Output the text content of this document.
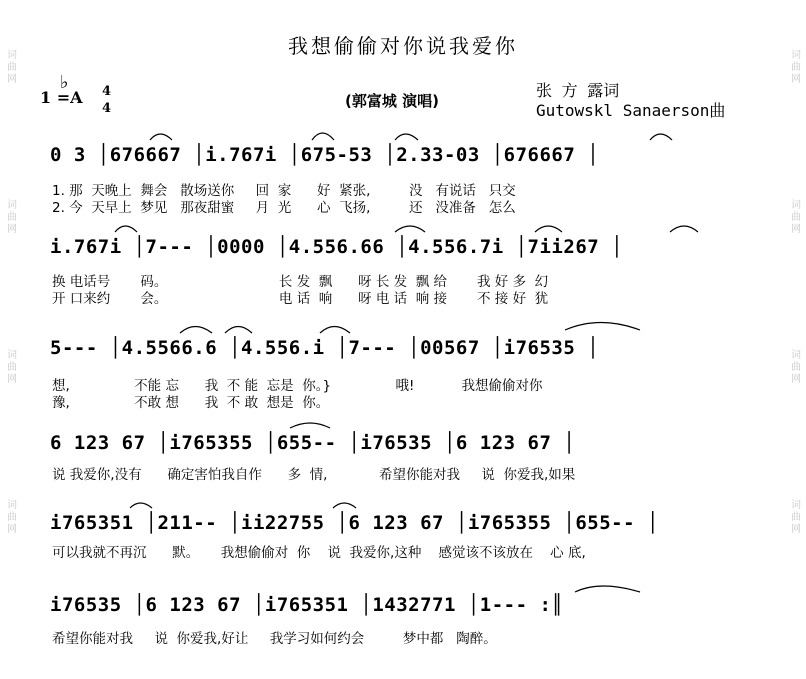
词曲网
词曲网
词曲网
词曲网
词曲网
词曲网
词曲网
词曲网
我想偷偷对你说我爱你
♭
1 =A 4
4	(郭富城 演唱)
张 方 露词
Gutowskl Sanaerson曲
0 3 │676667 │i.767i │675-53 │2.33-03 │676667 │
1. 那  天晚上  舞会   散场送你     回  家      好  紧张,         没   有说话   只交
2. 今  天早上  梦见   那夜甜蜜     月  光      心  飞扬,         还   没准备   怎么
i.767i │7--- │0000 │4.556.66 │4.556.7i │7ii267 │
换 电话号       码。                          长 发  飘      呀 长 发  飘 给       我 好 多  幻
开 口来约       会。                          电 话  响      呀 电 话  响 接       不 接 好  犹
5--- │4.5566.6 │4.556.i │7--- │00567 │i76535 │
想,               不能 忘      我  不 能  忘是  你。}               哦!           我想偷偷对你
豫,               不敢 想      我  不 敢  想是  你。
6 123 67 │i765355 │655-- │i76535 │6 123 67 │
说 我爱你,没有      确定害怕我自作      多  情,            希望你能对我     说  你爱我,如果
i765351 │211-- │ii22755 │6 123 67 │i765355 │655-- │
可以我就不再沉      默。     我想偷偷对  你    说  我爱你,这种    感觉该不该放在    心 底,
i76535 │6 123 67 │i765351 │1432771 │1--- :║
希望你能对我     说  你爱我,好让     我学习如何约会         梦中都   陶醉。
